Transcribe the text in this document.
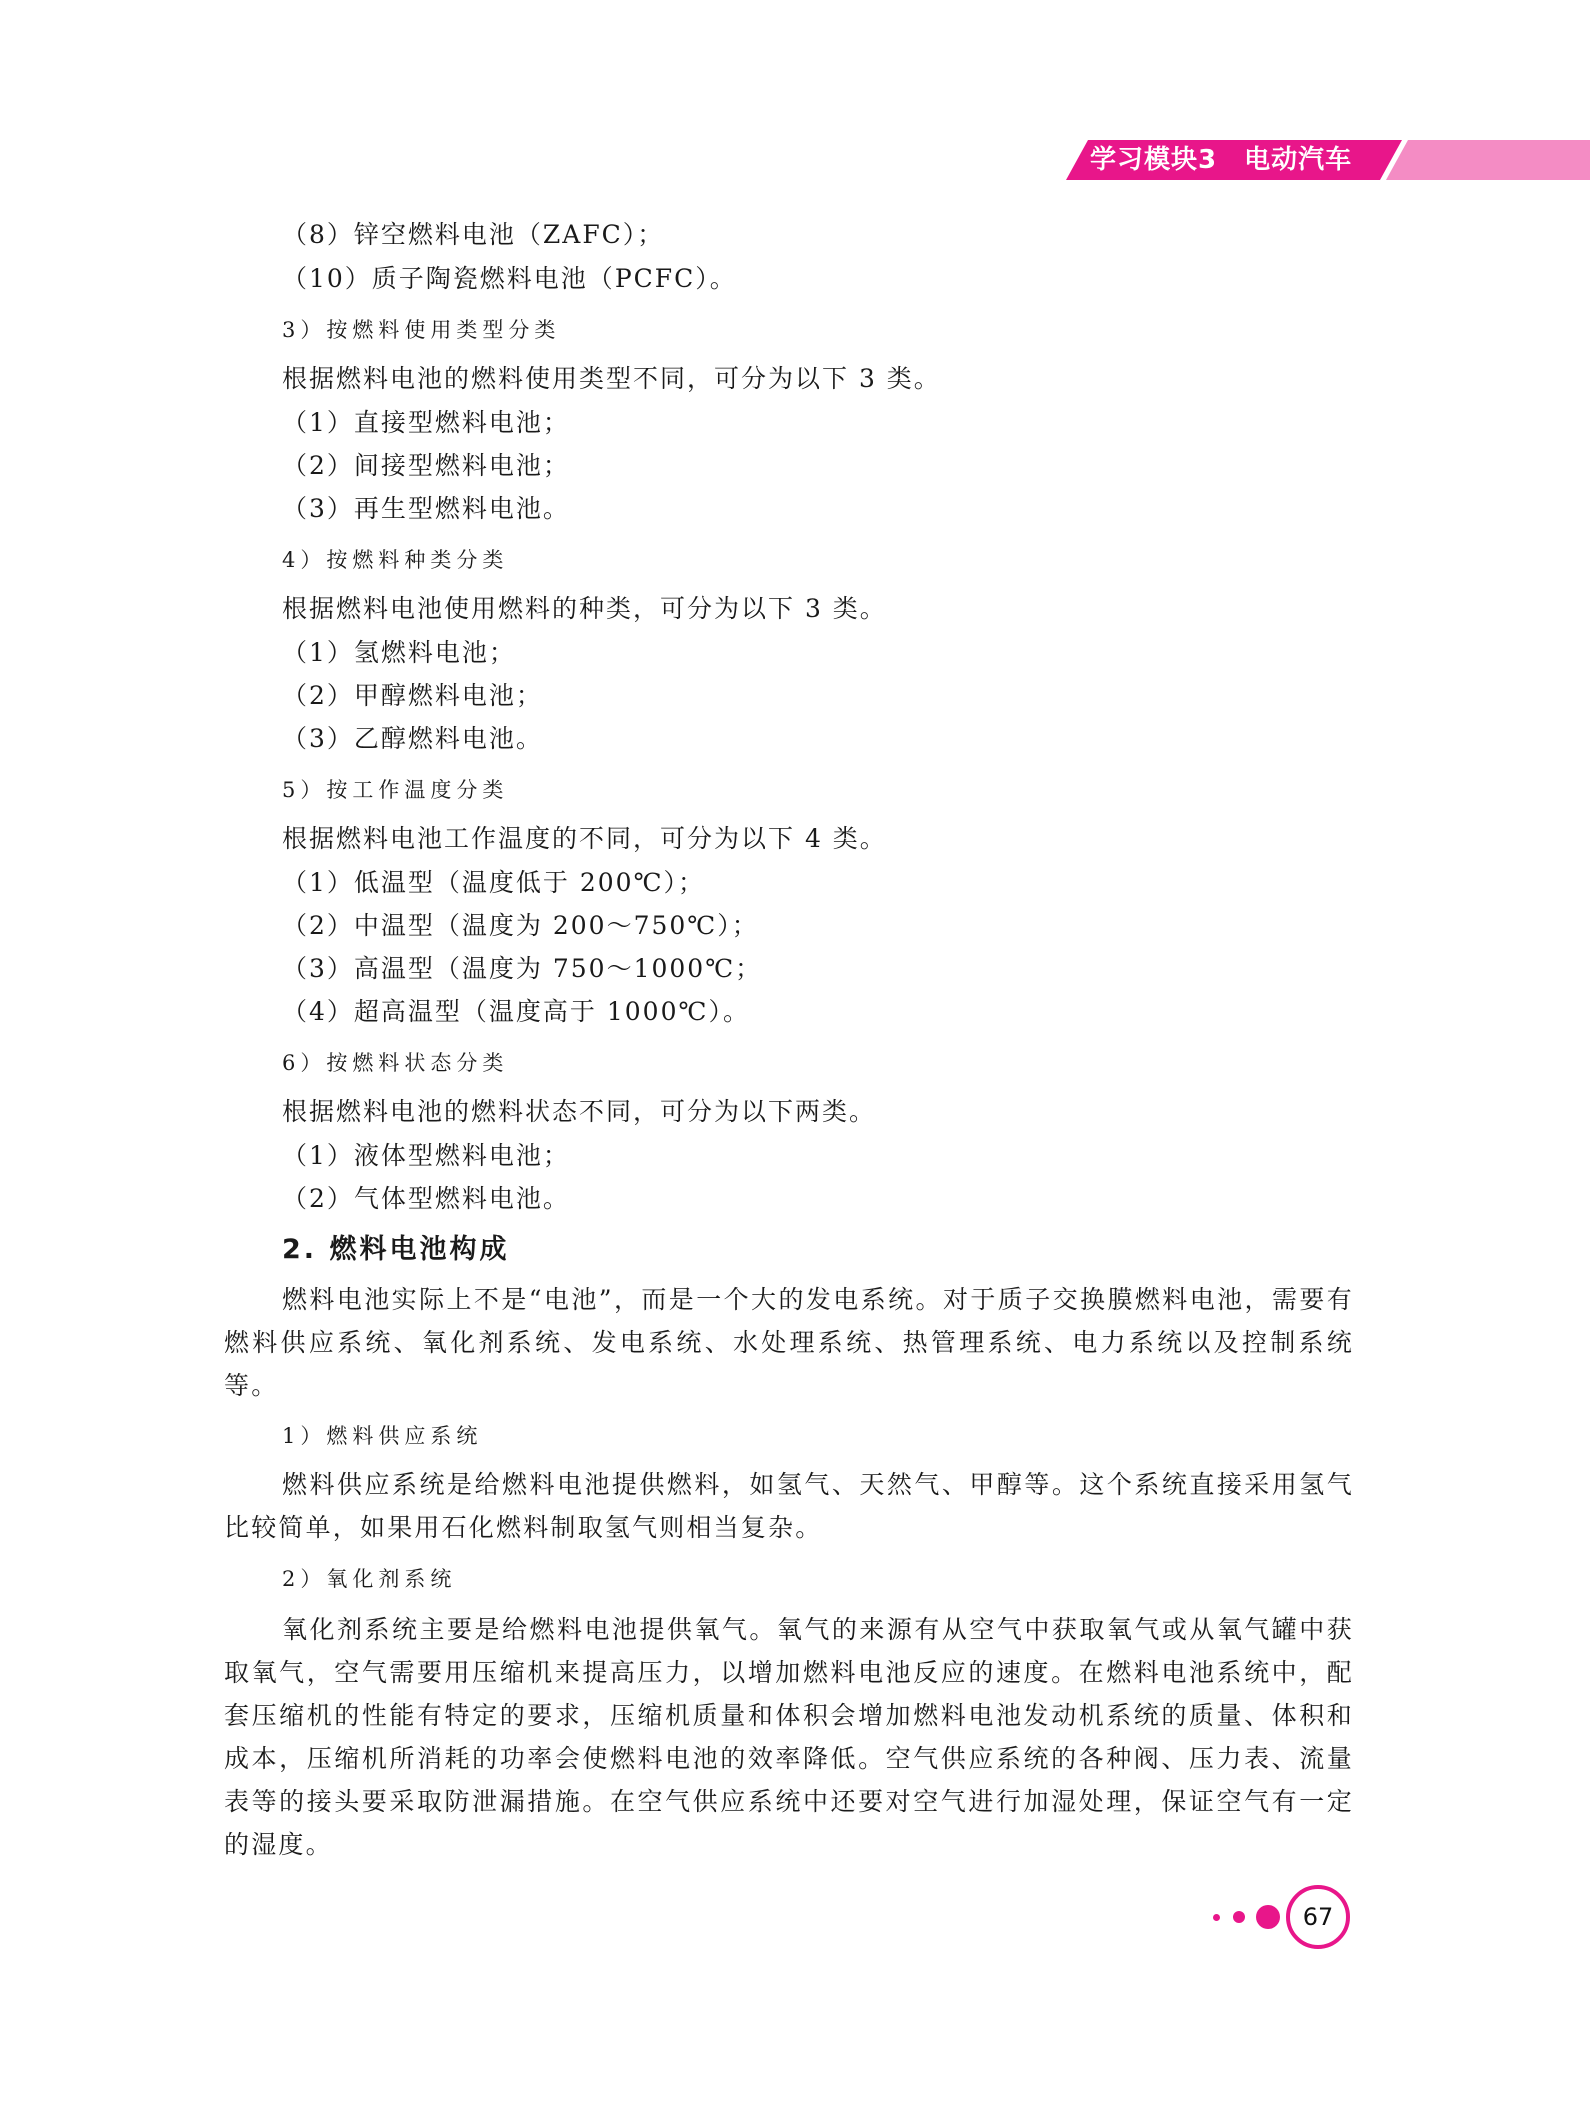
学习模块3　电动汽车
（8）锌空燃料电池（ZAFC）；
（10）质子陶瓷燃料电池（PCFC）。
3）按燃料使用类型分类
根据燃料电池的燃料使用类型不同，可分为以下 3 类。
（1）直接型燃料电池；
（2）间接型燃料电池；
（3）再生型燃料电池。
4）按燃料种类分类
根据燃料电池使用燃料的种类，可分为以下 3 类。
（1）氢燃料电池；
（2）甲醇燃料电池；
（3）乙醇燃料电池。
5）按工作温度分类
根据燃料电池工作温度的不同，可分为以下 4 类。
（1）低温型（温度低于 200℃）；
（2）中温型（温度为 200～750℃）；
（3）高温型（温度为 750～1000℃；
（4）超高温型（温度高于 1000℃）。
6）按燃料状态分类
根据燃料电池的燃料状态不同，可分为以下两类。
（1）液体型燃料电池；
（2）气体型燃料电池。
2. 燃料电池构成
燃料电池实际上不是“电池”，而是一个大的发电系统。对于质子交换膜燃料电池，需要有燃料供应系统、氧化剂系统、发电系统、水处理系统、热管理系统、电力系统以及控制系统等。
1）燃料供应系统
燃料供应系统是给燃料电池提供燃料，如氢气、天然气、甲醇等。这个系统直接采用氢气比较简单，如果用石化燃料制取氢气则相当复杂。
2）氧化剂系统
氧化剂系统主要是给燃料电池提供氧气。氧气的来源有从空气中获取氧气或从氧气罐中获取氧气，空气需要用压缩机来提高压力，以增加燃料电池反应的速度。在燃料电池系统中，配套压缩机的性能有特定的要求，压缩机质量和体积会增加燃料电池发动机系统的质量、体积和成本，压缩机所消耗的功率会使燃料电池的效率降低。空气供应系统的各种阀、压力表、流量表等的接头要采取防泄漏措施。在空气供应系统中还要对空气进行加湿处理，保证空气有一定的湿度。
67
